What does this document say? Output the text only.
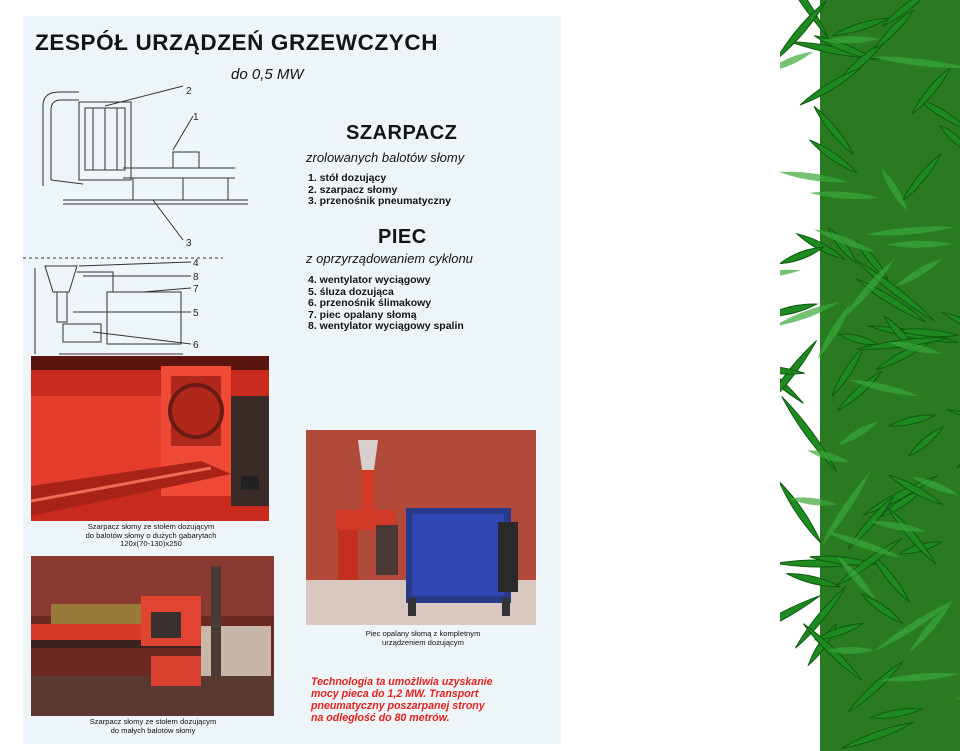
ZESPÓŁ URZĄDZEŃ GRZEWCZYCH
do 0,5 MW
2
1
3
4
8
7
5
6
SZARPACZ
zrolowanych balotów słomy
1. stół dozujący
2. szarpacz słomy
3. przenośnik pneumatyczny
PIEC
z oprzyrządowaniem cyklonu
4. wentylator wyciągowy
5. śluza dozująca
6. przenośnik ślimakowy
7. piec opalany słomą
8. wentylator wyciągowy spalin
Szarpacz słomy ze stołem dozującym
do balotów słomy o dużych gabarytach
120x(70-130)x250
Szarpacz słomy ze stołem dozującym
do małych balotów słomy
Piec opalany słomą z kompletnym
urządzeniem dozującym

Technologia ta umożliwia uzyskanie
mocy pieca do 1,2 MW. Transport
pneumatyczny poszarpanej strony
na odległość do 80 metrów.
